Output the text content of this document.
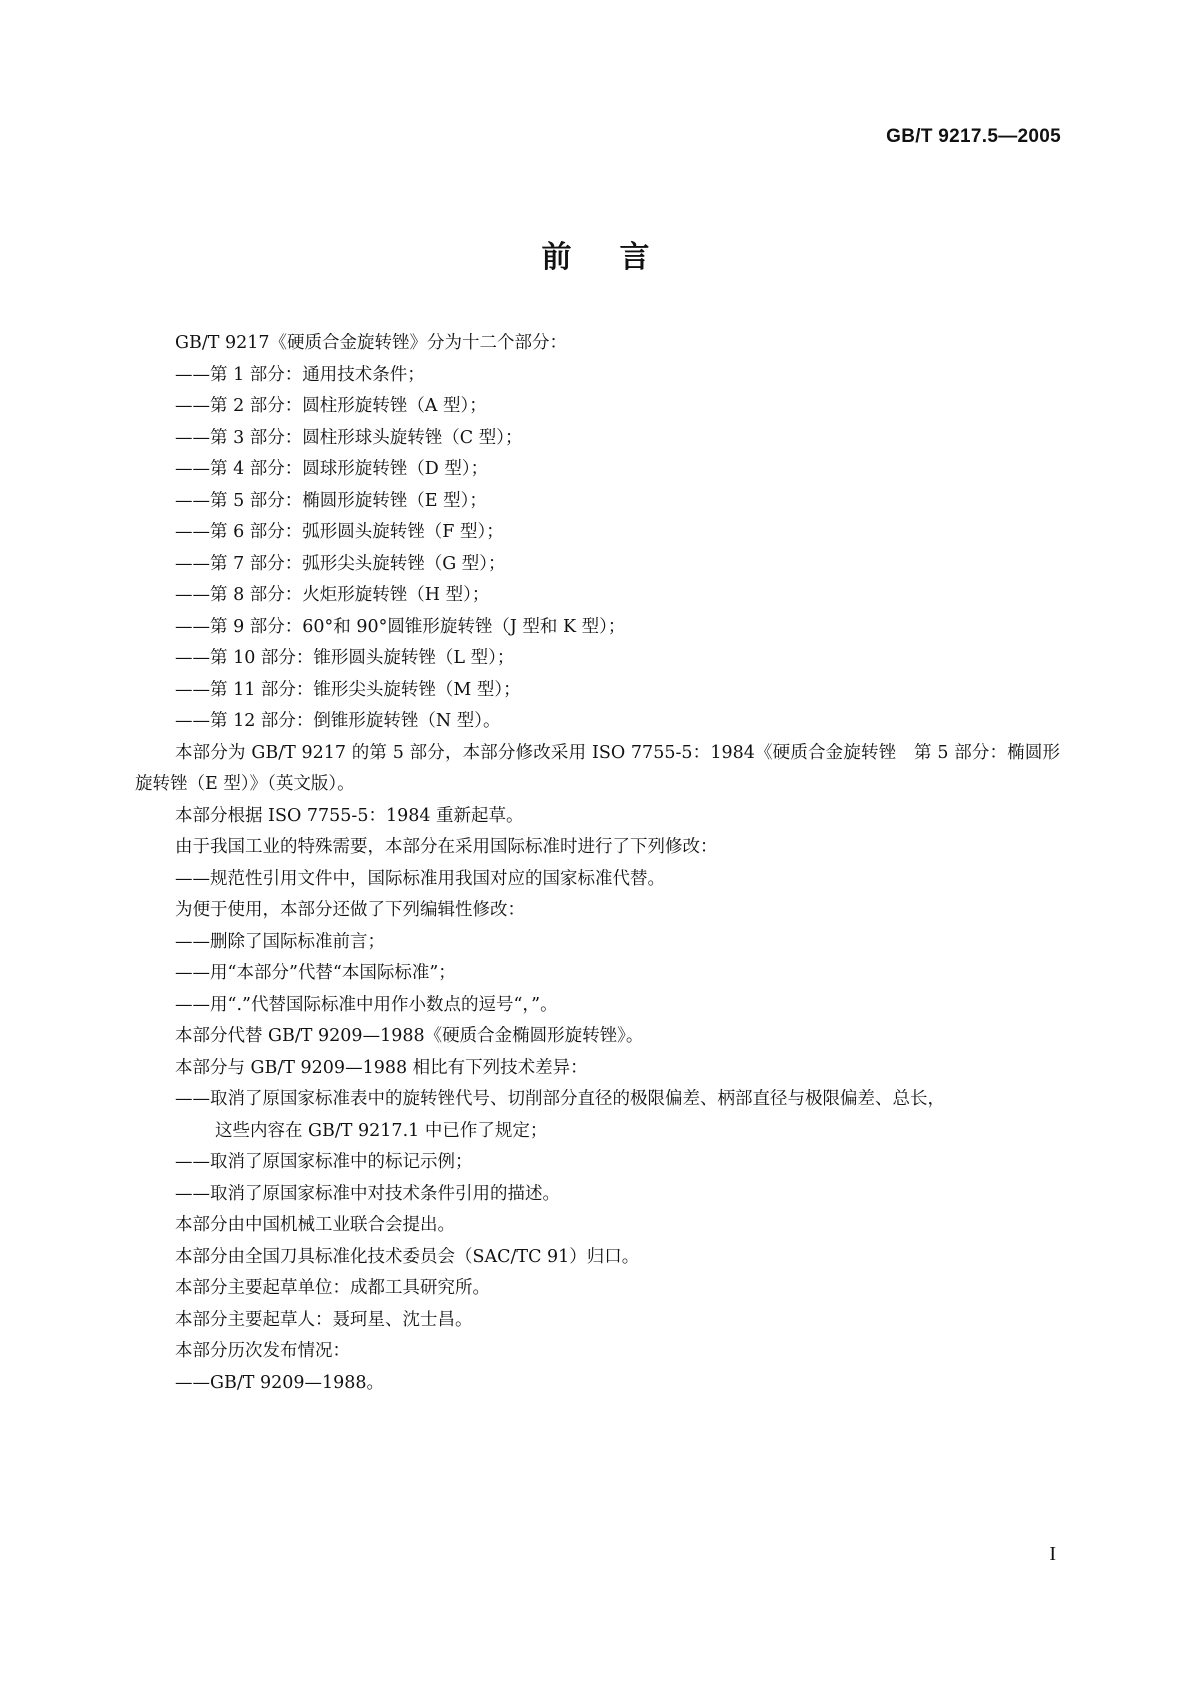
GB/T 9217.5—2005
前言

GB/T 9217《硬质合金旋转锉》分为十二个部分：

——第 1 部分：通用技术条件；

——第 2 部分：圆柱形旋转锉（A 型）；

——第 3 部分：圆柱形球头旋转锉（C 型）；

——第 4 部分：圆球形旋转锉（D 型）；

——第 5 部分：椭圆形旋转锉（E 型）；

——第 6 部分：弧形圆头旋转锉（F 型）；

——第 7 部分：弧形尖头旋转锉（G 型）；

——第 8 部分：火炬形旋转锉（H 型）；

——第 9 部分：60°和 90°圆锥形旋转锉（J 型和 K 型）；

——第 10 部分：锥形圆头旋转锉（L 型）；

——第 11 部分：锥形尖头旋转锉（M 型）；

——第 12 部分：倒锥形旋转锉（N 型）。

本部分为 GB/T 9217 的第 5 部分，本部分修改采用 ISO 7755-5：1984《硬质合金旋转锉　第 5 部分：椭圆形旋转锉（E 型）》（英文版）。

本部分根据 ISO 7755-5：1984 重新起草。

由于我国工业的特殊需要，本部分在采用国际标准时进行了下列修改：

——规范性引用文件中，国际标准用我国对应的国家标准代替。

为便于使用，本部分还做了下列编辑性修改：

——删除了国际标准前言；

——用“本部分”代替“本国际标准”；

——用“.”代替国际标准中用作小数点的逗号“，”。

本部分代替 GB/T 9209—1988《硬质合金椭圆形旋转锉》。

本部分与 GB/T 9209—1988 相比有下列技术差异：

——取消了原国家标准表中的旋转锉代号、切削部分直径的极限偏差、柄部直径与极限偏差、总长，

这些内容在 GB/T 9217.1 中已作了规定；

——取消了原国家标准中的标记示例；

——取消了原国家标准中对技术条件引用的描述。

本部分由中国机械工业联合会提出。

本部分由全国刀具标准化技术委员会（SAC/TC 91）归口。

本部分主要起草单位：成都工具研究所。

本部分主要起草人：聂珂星、沈士昌。

本部分历次发布情况：

——GB/T 9209—1988。

I
